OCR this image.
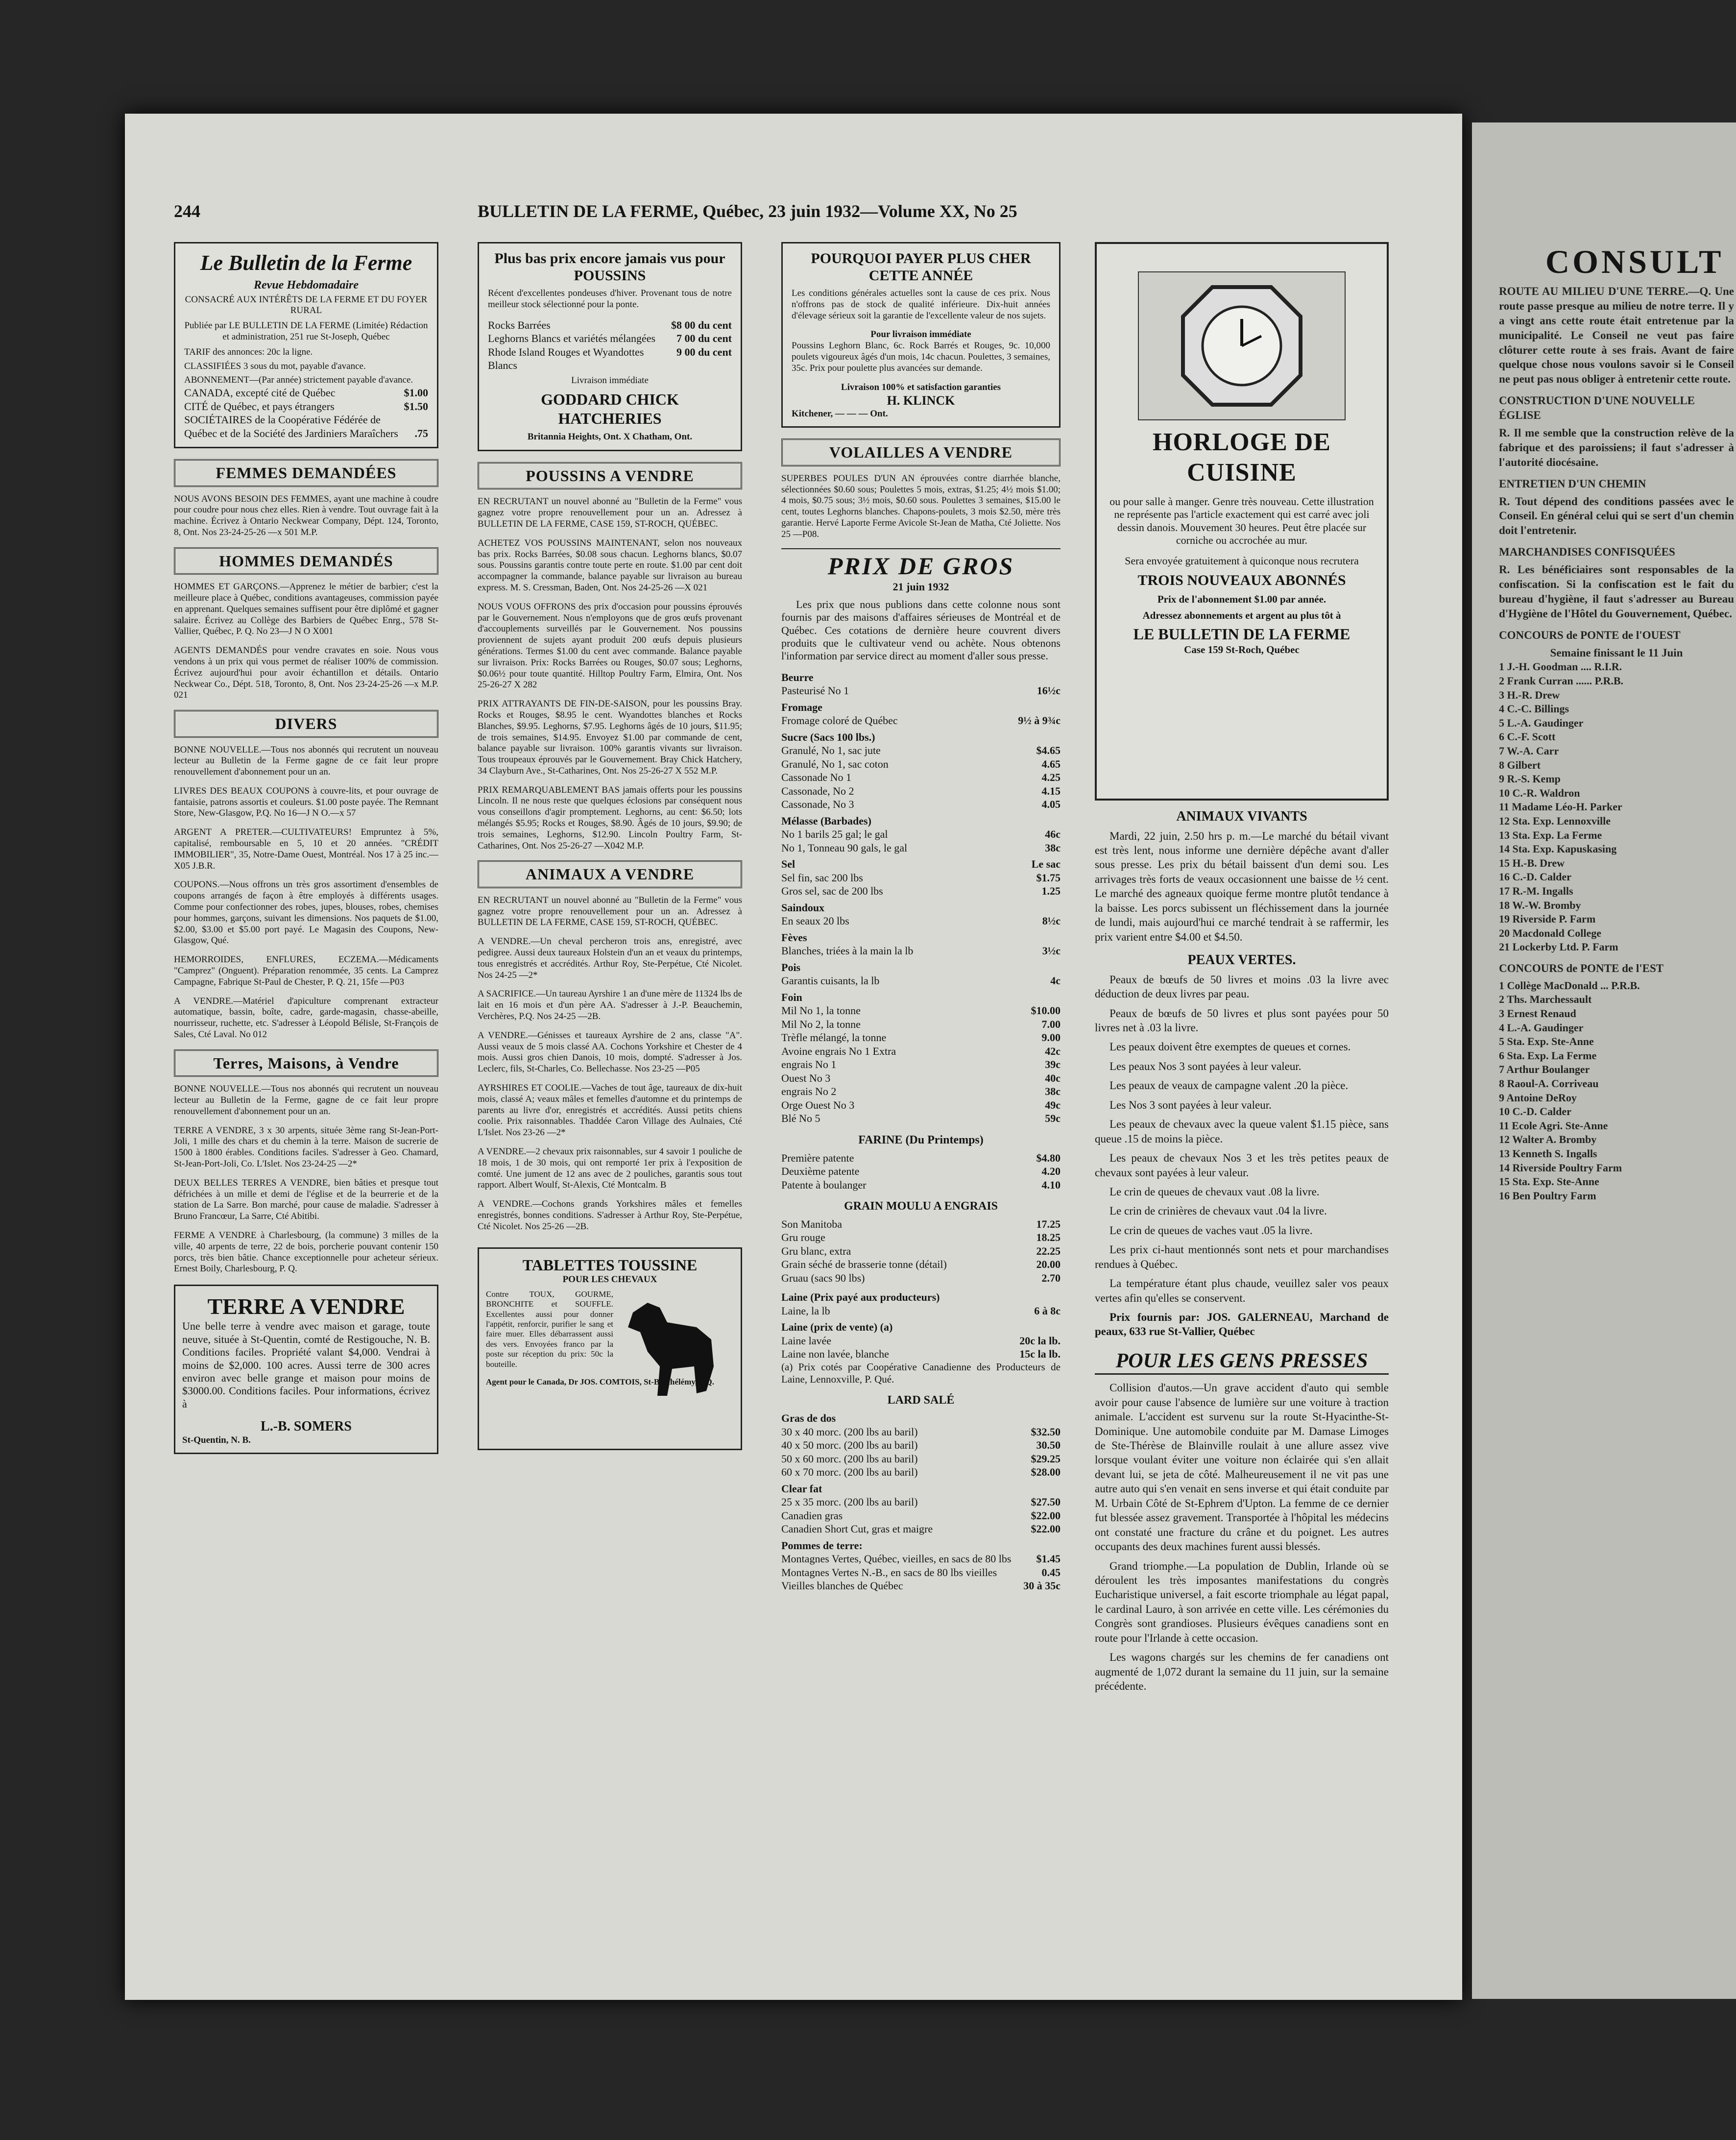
244	BULLETIN DE LA FERME, Québec, 23 juin 1932—Volume XX, No 25
Le Bulletin de la Ferme
Revue Hebdomadaire
CONSACRÉ AUX INTÉRÊTS DE LA FERME ET DU FOYER RURAL
Publiée par LE BULLETIN DE LA FERME (Limitée) Rédaction et administration, 251 rue St-Joseph, Québec
TARIF des annonces: 20c la ligne.
CLASSIFIÉES 3 sous du mot, payable d'avance.
ABONNEMENT—(Par année) strictement payable d'avance.
CANADA, excepté cité de Québec	$1.00
CITÉ de Québec, et pays étrangers	$1.50
SOCIÉTAIRES de la Coopérative Fédérée de Québec et de la Société des Jardiniers Maraîchers	.75
FEMMES DEMANDÉES

NOUS AVONS BESOIN DES FEMMES, ayant une machine à coudre pour coudre pour nous chez elles. Rien à vendre. Tout ouvrage fait à la machine. Écrivez à Ontario Neckwear Company, Dépt. 124, Toronto, 8, Ont. Nos 23-24-25-26 —x 501 M.P.

HOMMES DEMANDÉS

HOMMES ET GARÇONS.—Apprenez le métier de barbier; c'est la meilleure place à Québec, conditions avantageuses, commission payée en apprenant. Quelques semaines suffisent pour être diplômé et gagner salaire. Écrivez au Collège des Barbiers de Québec Enrg., 578 St-Vallier, Québec, P. Q. No 23—J N O X001

AGENTS DEMANDÉS pour vendre cravates en soie. Nous vous vendons à un prix qui vous permet de réaliser 100% de commission. Écrivez aujourd'hui pour avoir échantillon et détails. Ontario Neckwear Co., Dépt. 518, Toronto, 8, Ont. Nos 23-24-25-26 —x M.P. 021

DIVERS

BONNE NOUVELLE.—Tous nos abonnés qui recrutent un nouveau lecteur au Bulletin de la Ferme gagne de ce fait leur propre renouvellement d'abonnement pour un an.

LIVRES DES BEAUX COUPONS à couvre-lits, et pour ouvrage de fantaisie, patrons assortis et couleurs. $1.00 poste payée. The Remnant Store, New-Glasgow, P.Q. No 16—J N O.—x 57

ARGENT A PRETER.—CULTIVATEURS! Empruntez à 5%, capitalisé, remboursable en 5, 10 et 20 années. "CRÉDIT IMMOBILIER", 35, Notre-Dame Ouest, Montréal. Nos 17 à 25 inc.—X05 J.B.R.

COUPONS.—Nous offrons un très gros assortiment d'ensembles de coupons arrangés de façon à être employés à différents usages. Comme pour confectionner des robes, jupes, blouses, robes, chemises pour hommes, garçons, suivant les dimensions. Nos paquets de $1.00, $2.00, $3.00 et $5.00 port payé. Le Magasin des Coupons, New-Glasgow, Qué.

HEMORROIDES, ENFLURES, ECZEMA.—Médicaments "Camprez" (Onguent). Préparation renommée, 35 cents. La Camprez Campagne, Fabrique St-Paul de Chester, P. Q. 21, 15fe —P03

A VENDRE.—Matériel d'apiculture comprenant extracteur automatique, bassin, boîte, cadre, garde-magasin, chasse-abeille, nourrisseur, ruchette, etc. S'adresser à Léopold Bélisle, St-François de Sales, Cté Laval. No 012

Terres, Maisons, à Vendre

BONNE NOUVELLE.—Tous nos abonnés qui recrutent un nouveau lecteur au Bulletin de la Ferme, gagne de ce fait leur propre renouvellement d'abonnement pour un an.

TERRE A VENDRE, 3 x 30 arpents, située 3ème rang St-Jean-Port-Joli, 1 mille des chars et du chemin à la terre. Maison de sucrerie de 1500 à 1800 érables. Conditions faciles. S'adresser à Geo. Chamard, St-Jean-Port-Joli, Co. L'Islet. Nos 23-24-25 —2*

DEUX BELLES TERRES A VENDRE, bien bâties et presque tout défrichées à un mille et demi de l'église et de la beurrerie et de la station de La Sarre. Bon marché, pour cause de maladie. S'adresser à Bruno Francœur, La Sarre, Cté Abitibi.

FERME A VENDRE à Charlesbourg, (la commune) 3 milles de la ville, 40 arpents de terre, 22 de bois, porcherie pouvant contenir 150 porcs, très bien bâtie. Chance exceptionnelle pour acheteur sérieux. Ernest Boily, Charlesbourg, P. Q.

TERRE A VENDRE

Une belle terre à vendre avec maison et garage, toute neuve, située à St-Quentin, comté de Restigouche, N. B. Conditions faciles. Propriété valant $4,000. Vendrai à moins de $2,000. 100 acres. Aussi terre de 300 acres environ avec belle grange et maison pour moins de $3000.00. Conditions faciles. Pour informations, écrivez à

L.-B. SOMERS
St-Quentin, N. B.
Plus bas prix encore jamais vus pour POUSSINS

Récent d'excellentes pondeuses d'hiver. Provenant tous de notre meilleur stock sélectionné pour la ponte.

Rocks Barrées	$8 00 du cent
Leghorns Blancs et variétés mélangées	7 00 du cent
Rhode Island Rouges et Wyandottes Blancs
9 00 du cent
Livraison immédiate
GODDARD CHICK HATCHERIES
Britannia Heights, Ont. X Chatham, Ont.
POUSSINS A VENDRE

EN RECRUTANT un nouvel abonné au "Bulletin de la Ferme" vous gagnez votre propre renouvellement pour un an. Adressez à BULLETIN DE LA FERME, CASE 159, ST-ROCH, QUÉBEC.

ACHETEZ VOS POUSSINS MAINTENANT, selon nos nouveaux bas prix. Rocks Barrées, $0.08 sous chacun. Leghorns blancs, $0.07 sous. Poussins garantis contre toute perte en route. $1.00 par cent doit accompagner la commande, balance payable sur livraison au bureau express. M. S. Cressman, Baden, Ont. Nos 24-25-26 —X 021

NOUS VOUS OFFRONS des prix d'occasion pour poussins éprouvés par le Gouvernement. Nous n'employons que de gros œufs provenant d'accouplements surveillés par le Gouvernement. Nos poussins proviennent de sujets ayant produit 200 œufs depuis plusieurs générations. Termes $1.00 du cent avec commande. Balance payable sur livraison. Prix: Rocks Barrées ou Rouges, $0.07 sous; Leghorns, $0.06½ pour toute quantité. Hilltop Poultry Farm, Elmira, Ont. Nos 25-26-27 X 282

PRIX ATTRAYANTS DE FIN-DE-SAISON, pour les poussins Bray. Rocks et Rouges, $8.95 le cent. Wyandottes blanches et Rocks Blanches, $9.95. Leghorns, $7.95. Leghorns âgés de 10 jours, $11.95; de trois semaines, $14.95. Envoyez $1.00 par commande de cent, balance payable sur livraison. 100% garantis vivants sur livraison. Tous troupeaux éprouvés par le Gouvernement. Bray Chick Hatchery, 34 Clayburn Ave., St-Catharines, Ont. Nos 25-26-27 X 552 M.P.

PRIX REMARQUABLEMENT BAS jamais offerts pour les poussins Lincoln. Il ne nous reste que quelques éclosions par conséquent nous vous conseillons d'agir promptement. Leghorns, au cent: $6.50; lots mélangés $5.95; Rocks et Rouges, $8.90. Âgés de 10 jours, $9.90; de trois semaines, Leghorns, $12.90. Lincoln Poultry Farm, St-Catharines, Ont. Nos 25-26-27 —X042 M.P.

ANIMAUX A VENDRE

EN RECRUTANT un nouvel abonné au "Bulletin de la Ferme" vous gagnez votre propre renouvellement pour un an. Adressez à BULLETIN DE LA FERME, CASE 159, ST-ROCH, QUÉBEC.

A VENDRE.—Un cheval percheron trois ans, enregistré, avec pedigree. Aussi deux taureaux Holstein d'un an et veaux du printemps, tous enregistrés et accrédités. Arthur Roy, Ste-Perpétue, Cté Nicolet. Nos 24-25 —2*

A SACRIFICE.—Un taureau Ayrshire 1 an d'une mère de 11324 lbs de lait en 16 mois et d'un père AA. S'adresser à J.-P. Beauchemin, Verchères, P.Q. Nos 24-25 —2B.

A VENDRE.—Génisses et taureaux Ayrshire de 2 ans, classe "A". Aussi veaux de 5 mois classé AA. Cochons Yorkshire et Chester de 4 mois. Aussi gros chien Danois, 10 mois, dompté. S'adresser à Jos. Leclerc, fils, St-Charles, Co. Bellechasse. Nos 23-25 —P05

AYRSHIRES ET COOLIE.—Vaches de tout âge, taureaux de dix-huit mois, classé A; veaux mâles et femelles d'automne et du printemps de parents au livre d'or, enregistrés et accrédités. Aussi petits chiens coolie. Prix raisonnables. Thaddée Caron Village des Aulnaies, Cté L'Islet. Nos 23-26 —2*

A VENDRE.—2 chevaux prix raisonnables, sur 4 savoir 1 pouliche de 18 mois, 1 de 30 mois, qui ont remporté 1er prix à l'exposition de comté. Une jument de 12 ans avec de 2 pouliches, garantis sous tout rapport. Albert Woulf, St-Alexis, Cté Montcalm. B

A VENDRE.—Cochons grands Yorkshires mâles et femelles enregistrés, bonnes conditions. S'adresser à Arthur Roy, Ste-Perpétue, Cté Nicolet. Nos 25-26 —2B.

TABLETTES TOUSSINE
POUR LES CHEVAUX

Contre TOUX, GOURME, BRONCHITE et SOUFFLE. Excellentes aussi pour donner l'appétit, renforcir, purifier le sang et faire muer. Elles débarrassent aussi des vers. Envoyées franco par la poste sur réception du prix: 50c la bouteille.

Agent pour le Canada, Dr JOS. COMTOIS, St-Barthélémy, P.Q.
POURQUOI PAYER PLUS CHER CETTE ANNÉE

Les conditions générales actuelles sont la cause de ces prix. Nous n'offrons pas de stock de qualité inférieure. Dix-huit années d'élevage sérieux soit la garantie de l'excellente valeur de nos sujets.

Pour livraison immédiate

Poussins Leghorn Blanc, 6c. Rock Barrés et Rouges, 9c. 10,000 poulets vigoureux âgés d'un mois, 14c chacun. Poulettes, 3 semaines, 35c. Prix pour poulette plus avancées sur demande.

Livraison 100% et satisfaction garanties
H. KLINCK
Kitchener, — — — Ont.
VOLAILLES A VENDRE

SUPERBES POULES D'UN AN éprouvées contre diarrhée blanche, sélectionnées $0.60 sous; Poulettes 5 mois, extras, $1.25; 4½ mois $1.00; 4 mois, $0.75 sous; 3½ mois, $0.60 sous. Poulettes 3 semaines, $15.00 le cent, toutes Leghorns blanches. Chapons-poulets, 3 mois $2.50, mère très garantie. Hervé Laporte Ferme Avicole St-Jean de Matha, Cté Joliette. Nos 25 —P08.

PRIX DE GROS
21 juin 1932

Les prix que nous publions dans cette colonne nous sont fournis par des maisons d'affaires sérieuses de Montréal et de Québec. Ces cotations de dernière heure couvrent divers produits que le cultivateur vend ou achète. Nous obtenons l'information par service direct au moment d'aller sous presse.

Beurre
Pasteurisé No 1	16½c
Fromage
Fromage coloré de Québec	9½ à 9¾c
Sucre (Sacs 100 lbs.)
Granulé, No 1, sac jute	$4.65
Granulé, No 1, sac coton	4.65
Cassonade No 1	4.25
Cassonade, No 2	4.15
Cassonade, No 3	4.05
Mélasse (Barbades)
No 1 barils 25 gal; le gal	46c
No 1, Tonneau 90 gals, le gal	38c
Sel	Le sac
Sel fin, sac 200 lbs	$1.75
Gros sel, sac de 200 lbs	1.25
Saindoux
En seaux 20 lbs	8½c
Fèves
Blanches, triées à la main la lb	3½c
Pois
Garantis cuisants, la lb	4c
Foin
Mil No 1, la tonne	$10.00
Mil No 2, la tonne	7.00
Trèfle mélangé, la tonne	9.00
Avoine engrais No 1 Extra	42c
engrais No 1	39c
Ouest No 3	40c
engrais No 2	38c
Orge Ouest No 3	49c
Blé No 5	59c
FARINE (Du Printemps)
Première patente	$4.80
Deuxième patente	4.20
Patente à boulanger	4.10
GRAIN MOULU A ENGRAIS
Son Manitoba	17.25
Gru rouge	18.25
Gru blanc, extra	22.25
Grain séché de brasserie tonne (détail)	20.00
Gruau (sacs 90 lbs)	2.70
Laine (Prix payé aux producteurs)
Laine, la lb	6 à 8c
Laine (prix de vente) (a)
Laine lavée	20c la lb.
Laine non lavée, blanche	15c la lb.

(a) Prix cotés par Coopérative Canadienne des Producteurs de Laine, Lennoxville, P. Qué.

LARD SALÉ
Gras de dos
30 x 40 morc. (200 lbs au baril)	$32.50
40 x 50 morc. (200 lbs au baril)	30.50
50 x 60 morc. (200 lbs au baril)	$29.25
60 x 70 morc. (200 lbs au baril)	$28.00
Clear fat
25 x 35 morc. (200 lbs au baril)	$27.50
Canadien gras	$22.00
Canadien Short Cut, gras et maigre	$22.00
Pommes de terre:
Montagnes Vertes, Québec, vieilles, en sacs de 80 lbs	$1.45
Montagnes Vertes N.-B., en sacs de 80 lbs vieilles	0.45
Vieilles blanches de Québec	30 à 35c
HORLOGE DE CUISINE

ou pour salle à manger. Genre très nouveau. Cette illustration ne représente pas l'article exactement qui est carré avec joli dessin danois. Mouvement 30 heures. Peut être placée sur corniche ou accrochée au mur.

Sera envoyée gratuitement à quiconque nous recrutera
TROIS NOUVEAUX ABONNÉS
Prix de l'abonnement $1.00 par année.
Adressez abonnements et argent au plus tôt à
LE BULLETIN DE LA FERME
Case 159 St-Roch, Québec
ANIMAUX VIVANTS

Mardi, 22 juin, 2.50 hrs p. m.—Le marché du bétail vivant est très lent, nous informe une dernière dépêche avant d'aller sous presse. Les prix du bétail baissent d'un demi sou. Les arrivages très forts de veaux occasionnent une baisse de ½ cent. Le marché des agneaux quoique ferme montre plutôt tendance à la baisse. Les porcs subissent un fléchissement dans la journée de lundi, mais aujourd'hui ce marché tendrait à se raffermir, les prix varient entre $4.00 et $4.50.

PEAUX VERTES.

Peaux de bœufs de 50 livres et moins .03 la livre avec déduction de deux livres par peau.

Peaux de bœufs de 50 livres et plus sont payées pour 50 livres net à .03 la livre.

Les peaux doivent être exemptes de queues et cornes.

Les peaux Nos 3 sont payées à leur valeur.

Les peaux de veaux de campagne valent .20 la pièce.

Les Nos 3 sont payées à leur valeur.

Les peaux de chevaux avec la queue valent $1.15 pièce, sans queue .15 de moins la pièce.

Les peaux de chevaux Nos 3 et les très petites peaux de chevaux sont payées à leur valeur.

Le crin de queues de chevaux vaut .08 la livre.

Le crin de crinières de chevaux vaut .04 la livre.

Le crin de queues de vaches vaut .05 la livre.

Les prix ci-haut mentionnés sont nets et pour marchandises rendues à Québec.

La température étant plus chaude, veuillez saler vos peaux vertes afin qu'elles se conservent.

Prix fournis par: JOS. GALERNEAU, Marchand de peaux, 633 rue St-Vallier, Québec

POUR LES GENS PRESSES

Collision d'autos.—Un grave accident d'auto qui semble avoir pour cause l'absence de lumière sur une voiture à traction animale. L'accident est survenu sur la route St-Hyacinthe-St-Dominique. Une automobile conduite par M. Damase Limoges de Ste-Thérèse de Blainville roulait à une allure assez vive lorsque voulant éviter une voiture non éclairée qui s'en allait devant lui, se jeta de côté. Malheureusement il ne vit pas une autre auto qui s'en venait en sens inverse et qui était conduite par M. Urbain Côté de St-Ephrem d'Upton. La femme de ce dernier fut blessée assez gravement. Transportée à l'hôpital les médecins ont constaté une fracture du crâne et du poignet. Les autres occupants des deux machines furent aussi blessés.

Grand triomphe.—La population de Dublin, Irlande où se déroulent les très imposantes manifestations du congrès Eucharistique universel, a fait escorte triomphale au légat papal, le cardinal Lauro, à son arrivée en cette ville. Les cérémonies du Congrès sont grandioses. Plusieurs évêques canadiens sont en route pour l'Irlande à cette occasion.

Les wagons chargés sur les chemins de fer canadiens ont augmenté de 1,072 durant la semaine du 11 juin, sur la semaine précédente.

CONSULT

ROUTE AU MILIEU D'UNE TERRE.—Q. Une route passe presque au milieu de notre terre. Il y a vingt ans cette route était entretenue par la municipalité. Le Conseil ne veut pas faire clôturer cette route à ses frais. Avant de faire quelque chose nous voulons savoir si le Conseil ne peut pas nous obliger à entretenir cette route.

CONSTRUCTION D'UNE NOUVELLE ÉGLISE

R. Il me semble que la construction relève de la fabrique et des paroissiens; il faut s'adresser à l'autorité diocésaine.

ENTRETIEN D'UN CHEMIN

R. Tout dépend des conditions passées avec le Conseil. En général celui qui se sert d'un chemin doit l'entretenir.

MARCHANDISES CONFISQUÉES

R. Les bénéficiaires sont responsables de la confiscation. Si la confiscation est le fait du bureau d'hygiène, il faut s'adresser au Bureau d'Hygiène de l'Hôtel du Gouvernement, Québec.

CONCOURS de PONTE de l'OUEST
Semaine finissant le 11 Juin
1 J.-H. Goodman .... R.I.R.
2 Frank Curran ...... P.R.B.
3 H.-R. Drew
4 C.-C. Billings
5 L.-A. Gaudinger
6 C.-F. Scott
7 W.-A. Carr
8 Gilbert
9 R.-S. Kemp
10 C.-R. Waldron
11 Madame Léo-H. Parker
12 Sta. Exp. Lennoxville
13 Sta. Exp. La Ferme
14 Sta. Exp. Kapuskasing
15 H.-B. Drew
16 C.-D. Calder
17 R.-M. Ingalls
18 W.-W. Bromby
19 Riverside P. Farm
20 Macdonald College
21 Lockerby Ltd. P. Farm
CONCOURS de PONTE de l'EST
1 Collège MacDonald ... P.R.B.
2 Ths. Marchessault
3 Ernest Renaud
4 L.-A. Gaudinger
5 Sta. Exp. Ste-Anne
6 Sta. Exp. La Ferme
7 Arthur Boulanger
8 Raoul-A. Corriveau
9 Antoine DeRoy
10 C.-D. Calder
11 Ecole Agri. Ste-Anne
12 Walter A. Bromby
13 Kenneth S. Ingalls
14 Riverside Poultry Farm
15 Sta. Exp. Ste-Anne
16 Ben Poultry Farm
